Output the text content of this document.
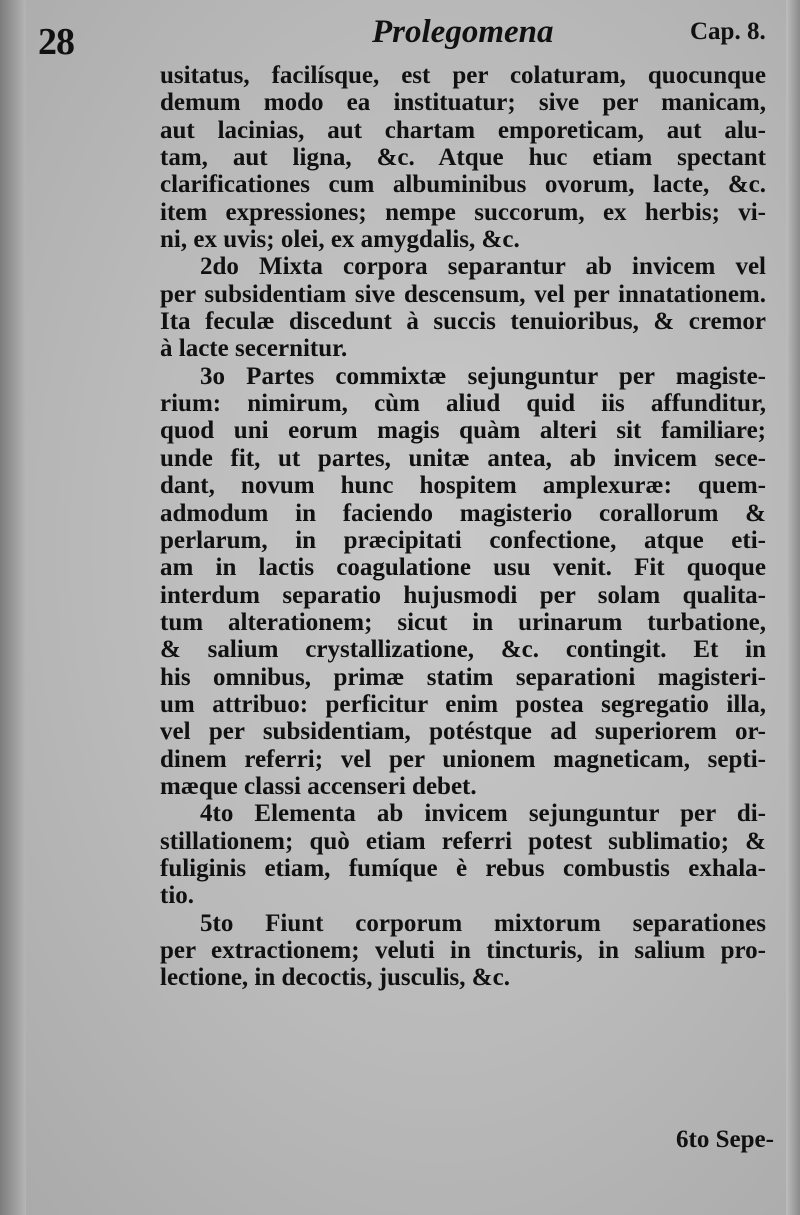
28	Prolegomena	Cap. 8.
usitatus, facilísque, est per colaturam, quocunque
demum modo ea instituatur; sive per manicam,
aut lacinias, aut chartam emporeticam, aut alu-
tam, aut ligna, &c. Atque huc etiam spectant
clarificationes cum albuminibus ovorum, lacte, &c.
item expressiones; nempe succorum, ex herbis; vi-
ni, ex uvis; olei, ex amygdalis, &c.
2do Mixta corpora separantur ab invicem vel
per subsidentiam sive descensum, vel per innatationem.
Ita feculæ discedunt à succis tenuioribus, & cremor
à lacte secernitur.
3o Partes commixtæ sejunguntur per magiste-
rium: nimirum, cùm aliud quid iis affunditur,
quod uni eorum magis quàm alteri sit familiare;
unde fit, ut partes, unitæ antea, ab invicem sece-
dant, novum hunc hospitem amplexuræ: quem-
admodum in faciendo magisterio corallorum &
perlarum, in præcipitati confectione, atque eti-
am in lactis coagulatione usu venit. Fit quoque
interdum separatio hujusmodi per solam qualita-
tum alterationem; sicut in urinarum turbatione,
& salium crystallizatione, &c. contingit. Et in
his omnibus, primæ statim separationi magisteri-
um attribuo: perficitur enim postea segregatio illa,
vel per subsidentiam, potéstque ad superiorem or-
dinem referri; vel per unionem magneticam, septi-
mæque classi accenseri debet.
4to Elementa ab invicem sejunguntur per di-
stillationem; quò etiam referri potest sublimatio; &
fuliginis etiam, fumíque è rebus combustis exhala-
tio.
5to Fiunt corporum mixtorum separationes
per extractionem; veluti in tincturis, in salium pro-
lectione, in decoctis, jusculis, &c.
6to Sepe-
